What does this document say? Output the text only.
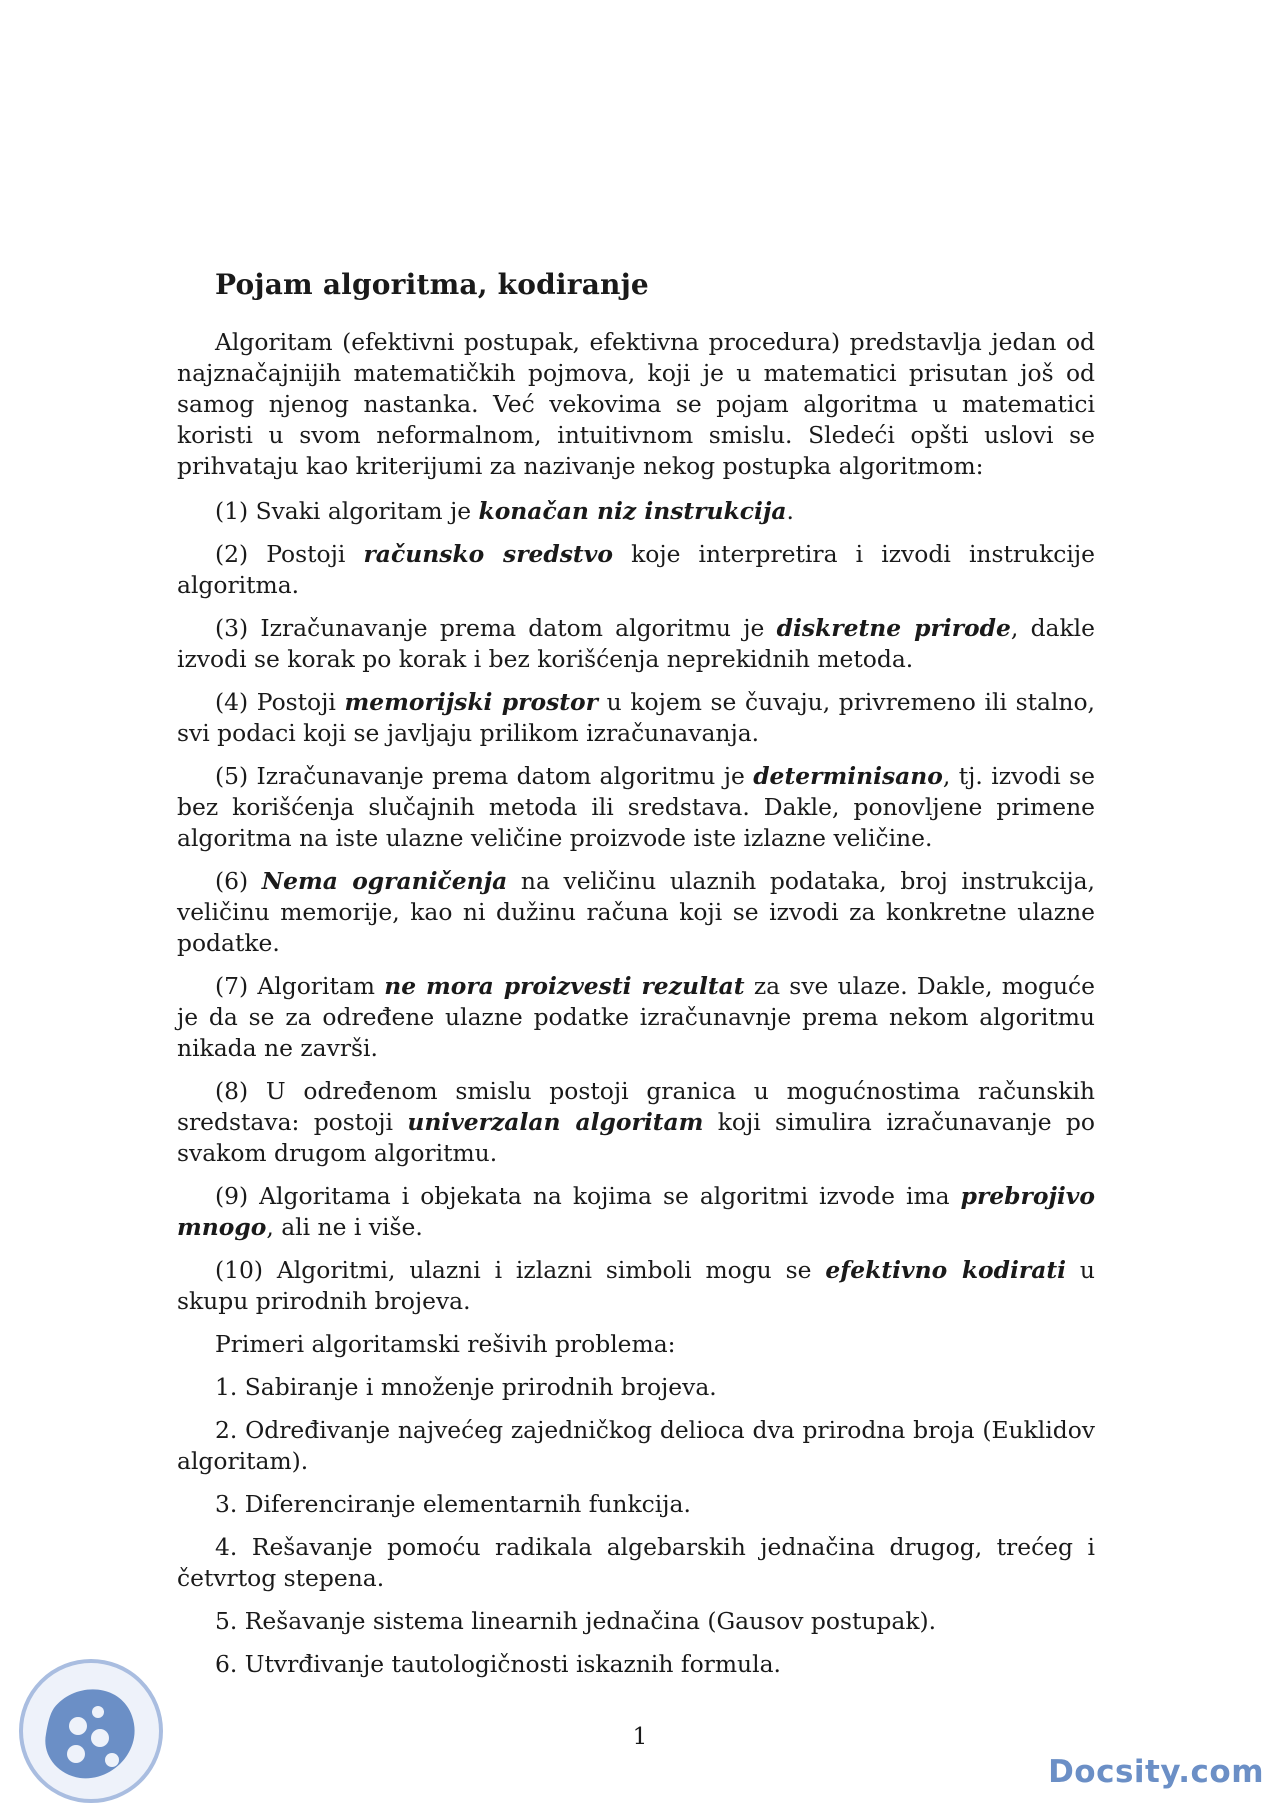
Pojam algoritma, kodiranje

Algoritam (efektivni postupak, efektivna procedura) predstavlja jedan od najznačajnijih matematičkih pojmova, koji je u matematici prisutan još od samog njenog nastanka. Već vekovima se pojam algoritma u matematici koristi u svom neformalnom, intuitivnom smislu. Sledeći opšti uslovi se prihvataju kao kriterijumi za nazivanje nekog postupka algoritmom:

(1) Svaki algoritam je konačan niz instrukcija.

(2) Postoji računsko sredstvo koje interpretira i izvodi instrukcije algoritma.

(3) Izračunavanje prema datom algoritmu je diskretne prirode, dakle izvodi se korak po korak i bez korišćenja neprekidnih metoda.

(4) Postoji memorijski prostor u kojem se čuvaju, privremeno ili stalno, svi podaci koji se javljaju prilikom izračunavanja.

(5) Izračunavanje prema datom algoritmu je determinisano, tj. izvodi se bez korišćenja slučajnih metoda ili sredstava. Dakle, ponovljene primene algoritma na iste ulazne veličine proizvode iste izlazne veličine.

(6) Nema ograničenja na veličinu ulaznih podataka, broj instrukcija, veličinu memorije, kao ni dužinu računa koji se izvodi za konkretne ulazne podatke.

(7) Algoritam ne mora proizvesti rezultat za sve ulaze. Dakle, moguće je da se za određene ulazne podatke izračunavnje prema nekom algoritmu nikada ne završi.

(8) U određenom smislu postoji granica u mogućnostima računskih sredstava: postoji univerzalan algoritam koji simulira izračunavanje po svakom drugom algoritmu.

(9) Algoritama i objekata na kojima se algoritmi izvode ima prebrojivo mnogo, ali ne i više.

(10) Algoritmi, ulazni i izlazni simboli mogu se efektivno kodirati u skupu prirodnih brojeva.

Primeri algoritamski rešivih problema:

1. Sabiranje i množenje prirodnih brojeva.

2. Određivanje najvećeg zajedničkog delioca dva prirodna broja (Euklidov algoritam).

3. Diferenciranje elementarnih funkcija.

4. Rešavanje pomoću radikala algebarskih jednačina drugog, trećeg i četvrtog stepena.

5. Rešavanje sistema linearnih jednačina (Gausov postupak).

6. Utvrđivanje tautologičnosti iskaznih formula.

1
Docsity.com
